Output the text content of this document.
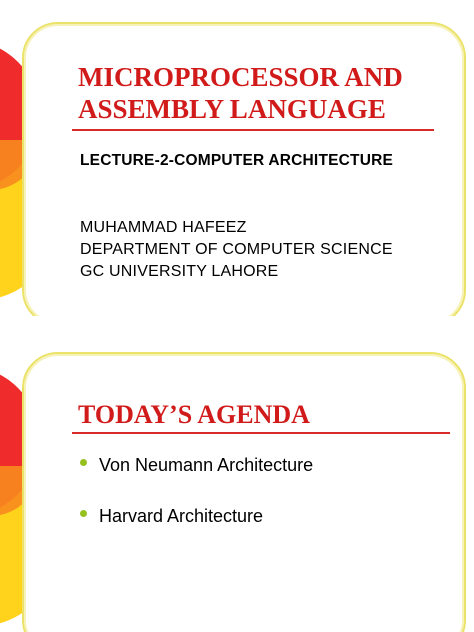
MICROPROCESSOR AND
ASSEMBLY LANGUAGE
LECTURE-2-COMPUTER ARCHITECTURE
MUHAMMAD HAFEEZ
DEPARTMENT OF COMPUTER SCIENCE
GC UNIVERSITY LAHORE
TODAY’S AGENDA
Von Neumann Architecture
Harvard Architecture
